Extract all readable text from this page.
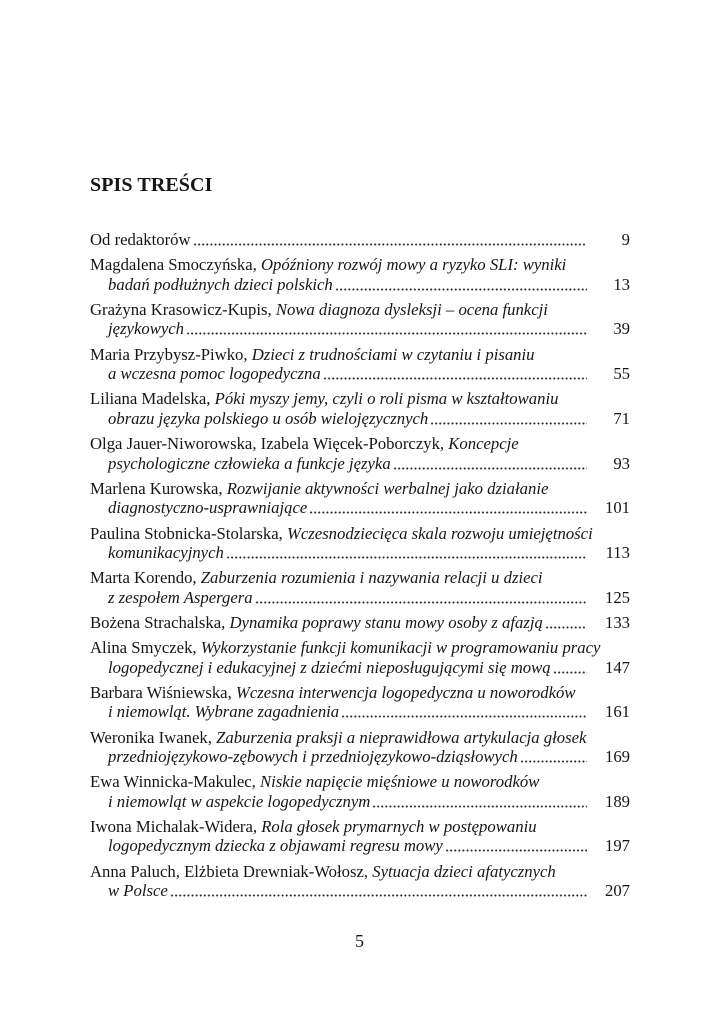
SPIS TREŚCI
Od redaktorów	9
Magdalena Smoczyńska, Opóźniony rozwój mowy a ryzyko SLI: wyniki
badań podłużnych dzieci polskich	13
Grażyna Krasowicz-Kupis, Nowa diagnoza dysleksji – ocena funkcji
językowych	39
Maria Przybysz-Piwko, Dzieci z trudnościami w czytaniu i pisaniu
a wczesna pomoc logopedyczna	55
Liliana Madelska, Póki myszy jemy, czyli o roli pisma w kształtowaniu
obrazu języka polskiego u osób wielojęzycznych	71
Olga Jauer-Niworowska, Izabela Więcek-Poborczyk, Koncepcje
psychologiczne człowieka a funkcje języka	93
Marlena Kurowska, Rozwijanie aktywności werbalnej jako działanie
diagnostyczno-usprawniające	101
Paulina Stobnicka-Stolarska, Wczesnodziecięca skala rozwoju umiejętności
komunikacyjnych	113
Marta Korendo, Zaburzenia rozumienia i nazywania relacji u dzieci
z zespołem Aspergera	125
Bożena Strachalska, Dynamika poprawy stanu mowy osoby z afazją	133
Alina Smyczek, Wykorzystanie funkcji komunikacji w programowaniu pracy
logopedycznej i edukacyjnej z dziećmi nieposługującymi się mową	147
Barbara Wiśniewska, Wczesna interwencja logopedyczna u noworodków
i niemowląt. Wybrane zagadnienia	161
Weronika Iwanek, Zaburzenia praksji a nieprawidłowa artykulacja głosek
przedniojęzykowo-zębowych i przedniojęzykowo-dziąsłowych	169
Ewa Winnicka-Makulec, Niskie napięcie mięśniowe u noworodków
i niemowląt w aspekcie logopedycznym	189
Iwona Michalak-Widera, Rola głosek prymarnych w postępowaniu
logopedycznym dziecka z objawami regresu mowy	197
Anna Paluch, Elżbieta Drewniak-Wołosz, Sytuacja dzieci afatycznych
w Polsce	207
5
